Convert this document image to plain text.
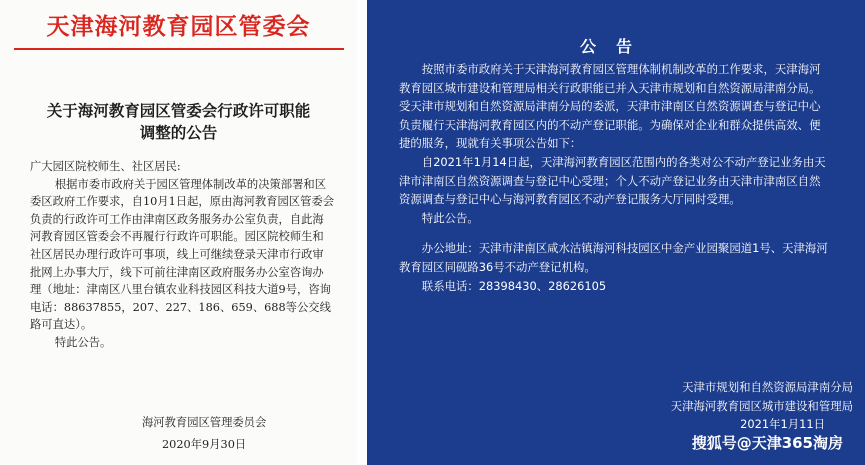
天津海河教育园区管委会
关于海河教育园区管委会行政许可职能
调整的公告

广大园区院校师生、社区居民:

根据市委市政府关于园区管理体制改革的决策部署和区委区政府工作要求，自10月1日起，原由海河教育园区管委会负责的行政许可工作由津南区政务服务办公室负责，自此海河教育园区管委会不再履行行政许可职能。园区院校师生和社区居民办理行政许可事项，线上可继续登录天津市行政审批网上办事大厅，线下可前往津南区政府服务办公室咨询办理（地址：津南区八里台镇农业科技园区科技大道9号，咨询电话：88637855，207、227、186、659、688等公交线路可直达）。

特此公告。

海河教育园区管理委员会
2020年9月30日
公告

按照市委市政府关于天津海河教育园区管理体制机制改革的工作要求，天津海河教育园区城市建设和管理局相关行政职能已并入天津市规划和自然资源局津南分局。受天津市规划和自然资源局津南分局的委派，天津市津南区自然资源调查与登记中心负责履行天津海河教育园区内的不动产登记职能。为确保对企业和群众提供高效、便捷的服务，现就有关事项公告如下：

自2021年1月14日起，天津海河教育园区范围内的各类对公不动产登记业务由天津市津南区自然资源调查与登记中心受理；个人不动产登记业务由天津市津南区自然资源调查与登记中心与海河教育园区不动产登记服务大厅同时受理。

特此公告。

办公地址：天津市津南区咸水沽镇海河科技园区中金产业园聚园道1号、天津海河教育园区同砚路36号不动产登记机构。

联系电话：28398430、28626105

天津市规划和自然资源局津南分局
天津海河教育园区城市建设和管理局
2021年1月11日
搜狐号@天津365淘房
